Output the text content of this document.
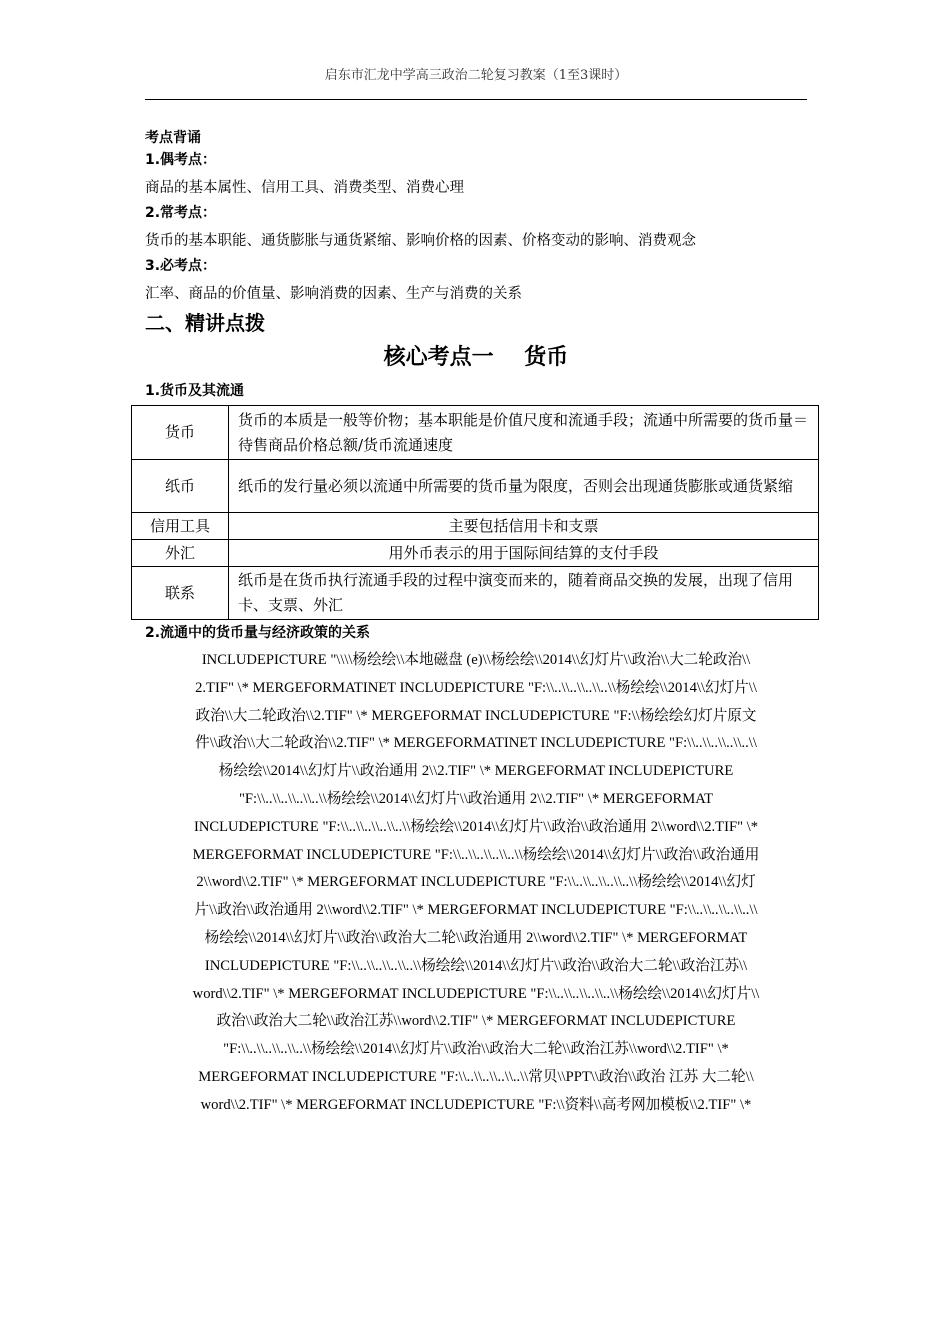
启东市汇龙中学高三政治二轮复习教案（1至3课时）
考点背诵
1.偶考点：
商品的基本属性、信用工具、消费类型、消费心理
2.常考点：
货币的基本职能、通货膨胀与通货紧缩、影响价格的因素、价格变动的影响、消费观念
3.必考点：
汇率、商品的价值量、影响消费的因素、生产与消费的关系
二、精讲点拨
核心考点一    货币
1.货币及其流通
货币	货币的本质是一般等价物；基本职能是价值尺度和流通手段；流通中所需要的货币量＝待售商品价格总额/货币流通速度
纸币	纸币的发行量必须以流通中所需要的货币量为限度，否则会出现通货膨胀或通货紧缩
信用工具	主要包括信用卡和支票
外汇	用外币表示的用于国际间结算的支付手段
联系	纸币是在货币执行流通手段的过程中演变而来的，随着商品交换的发展，出现了信用卡、支票、外汇
2.流通中的货币量与经济政策的关系
INCLUDEPICTURE "\\\\杨绘绘\\本地磁盘 (e)\\杨绘绘\\2014\\幻灯片\\政治\\大二轮政治\\
2.TIF" \* MERGEFORMATINET INCLUDEPICTURE "F:\\..\\..\\..\\..\\杨绘绘\\2014\\幻灯片\\
政治\\大二轮政治\\2.TIF" \* MERGEFORMAT INCLUDEPICTURE "F:\\杨绘绘幻灯片原文
件\\政治\\大二轮政治\\2.TIF" \* MERGEFORMATINET INCLUDEPICTURE "F:\\..\\..\\..\\..\\
杨绘绘\\2014\\幻灯片\\政治通用 2\\2.TIF" \* MERGEFORMAT INCLUDEPICTURE
"F:\\..\\..\\..\\..\\杨绘绘\\2014\\幻灯片\\政治通用 2\\2.TIF" \* MERGEFORMAT
INCLUDEPICTURE "F:\\..\\..\\..\\..\\杨绘绘\\2014\\幻灯片\\政治\\政治通用 2\\word\\2.TIF" \*
MERGEFORMAT INCLUDEPICTURE "F:\\..\\..\\..\\..\\杨绘绘\\2014\\幻灯片\\政治\\政治通用
2\\word\\2.TIF" \* MERGEFORMAT INCLUDEPICTURE "F:\\..\\..\\..\\..\\杨绘绘\\2014\\幻灯
片\\政治\\政治通用 2\\word\\2.TIF" \* MERGEFORMAT INCLUDEPICTURE "F:\\..\\..\\..\\..\\
杨绘绘\\2014\\幻灯片\\政治\\政治大二轮\\政治通用 2\\word\\2.TIF" \* MERGEFORMAT
INCLUDEPICTURE "F:\\..\\..\\..\\..\\杨绘绘\\2014\\幻灯片\\政治\\政治大二轮\\政治江苏\\
word\\2.TIF" \* MERGEFORMAT INCLUDEPICTURE "F:\\..\\..\\..\\..\\杨绘绘\\2014\\幻灯片\\
政治\\政治大二轮\\政治江苏\\word\\2.TIF" \* MERGEFORMAT INCLUDEPICTURE
"F:\\..\\..\\..\\..\\杨绘绘\\2014\\幻灯片\\政治\\政治大二轮\\政治江苏\\word\\2.TIF" \*
MERGEFORMAT INCLUDEPICTURE "F:\\..\\..\\..\\..\\常贝\\PPT\\政治\\政治 江苏 大二轮\\
word\\2.TIF" \* MERGEFORMAT INCLUDEPICTURE "F:\\资料\\高考网加模板\\2.TIF" \*
